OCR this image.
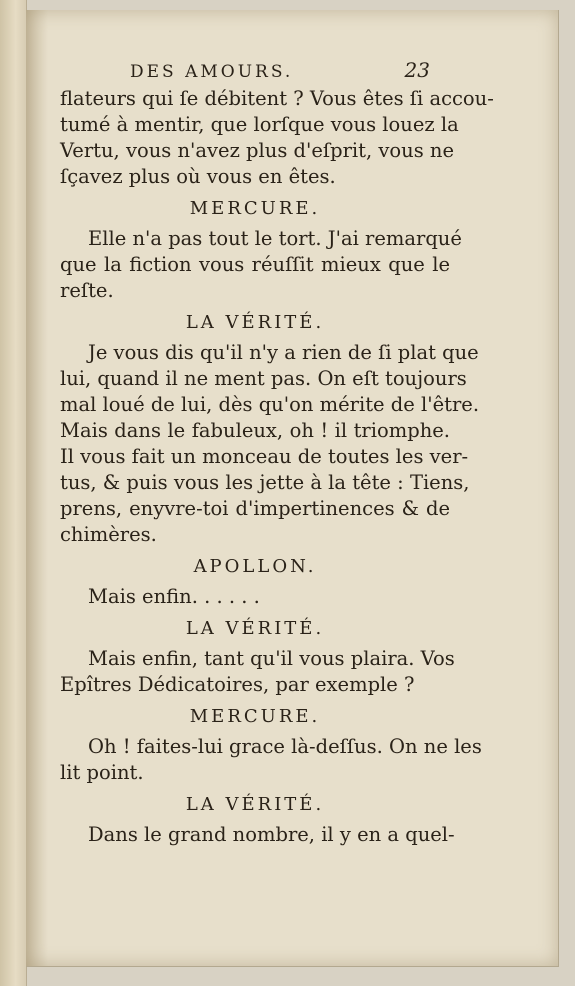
DES AMOURS.	23
flateurs qui ſe débitent ? Vous êtes ſi accou-
tumé à mentir, que lorſque vous louez la
Vertu, vous n'avez plus d'eſprit, vous ne
ſçavez plus où vous en êtes.
MERCURE.
Elle n'a pas tout le tort. J'ai remarqué
que la fiction vous réuſſit mieux que le
reſte.
LA VÉRITÉ.
Je vous dis qu'il n'y a rien de ſi plat que
lui, quand il ne ment pas. On eſt toujours
mal loué de lui, dès qu'on mérite de l'être.
Mais dans le fabuleux, oh ! il triomphe.
Il vous fait un monceau de toutes les ver-
tus, & puis vous les jette à la tête : Tiens,
prens, enyvre-toi d'impertinences & de
chimères.
APOLLON.
Mais enfin. . . . . .
LA VÉRITÉ.
Mais enfin, tant qu'il vous plaira. Vos
Epîtres Dédicatoires, par exemple ?
MERCURE.
Oh ! faites-lui grace là-deſſus. On ne les
lit point.
LA VÉRITÉ.
Dans le grand nombre, il y en a quel-
